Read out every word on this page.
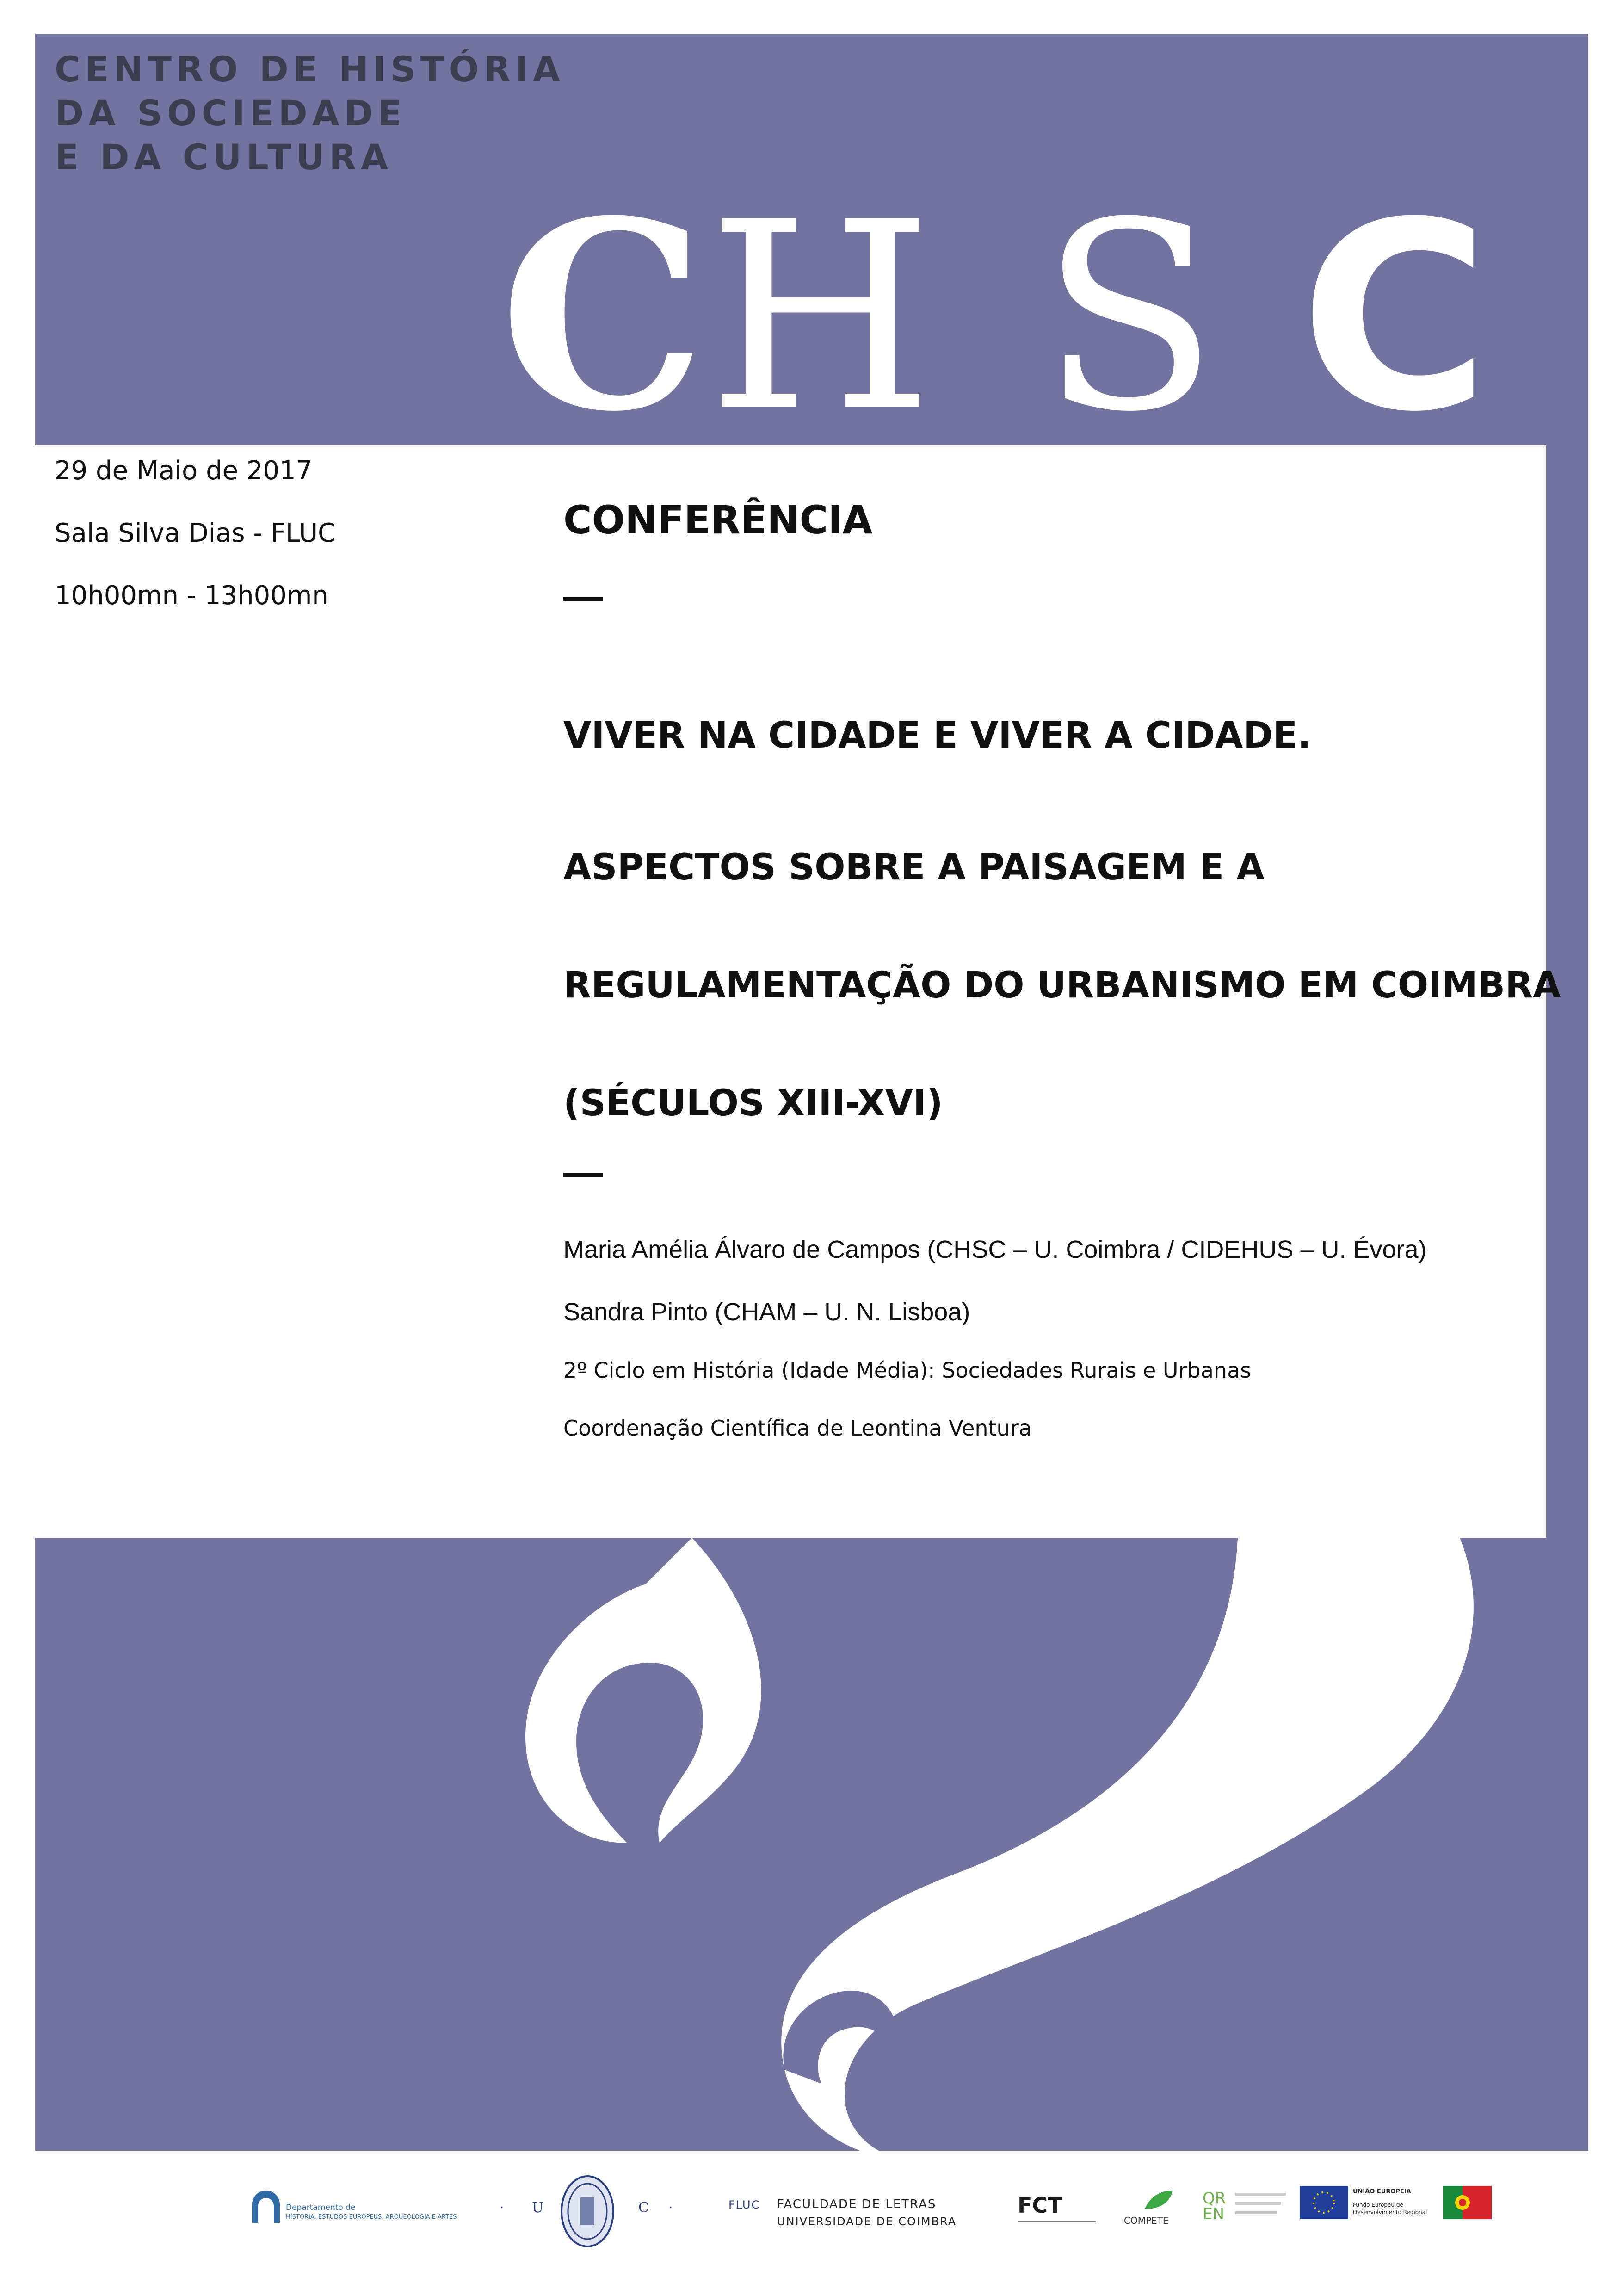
CENTRO DE HISTÓRIA
DA SOCIEDADE
E DA CULTURA
C H S C
29 de Maio de 2017
Sala Silva Dias - FLUC
10h00mn - 13h00mn
CONFERÊNCIA
VIVER NA CIDADE E VIVER A CIDADE.
ASPECTOS SOBRE A PAISAGEM E A
REGULAMENTAÇÃO DO URBANISMO EM COIMBRA
(SÉCULOS XIII-XVI)
Maria Amélia Álvaro de Campos (CHSC – U. Coimbra / CIDEHUS – U. Évora)
Sandra Pinto (CHAM – U. N. Lisboa)
2º Ciclo em História (Idade Média): Sociedades Rurais e Urbanas
Coordenação Científica de Leontina Ventura
Departamento de
HISTÓRIA, ESTUDOS EUROPEUS, ARQUEOLOGIA E ARTES
· U	C ·	FLUC FACULDADE DE LETRAS
UNIVERSIDADE DE COIMBRA
FCT
COMPETE
QREN
UNIÃO EUROPEIA
Fundo Europeu de Desenvolvimento Regional
